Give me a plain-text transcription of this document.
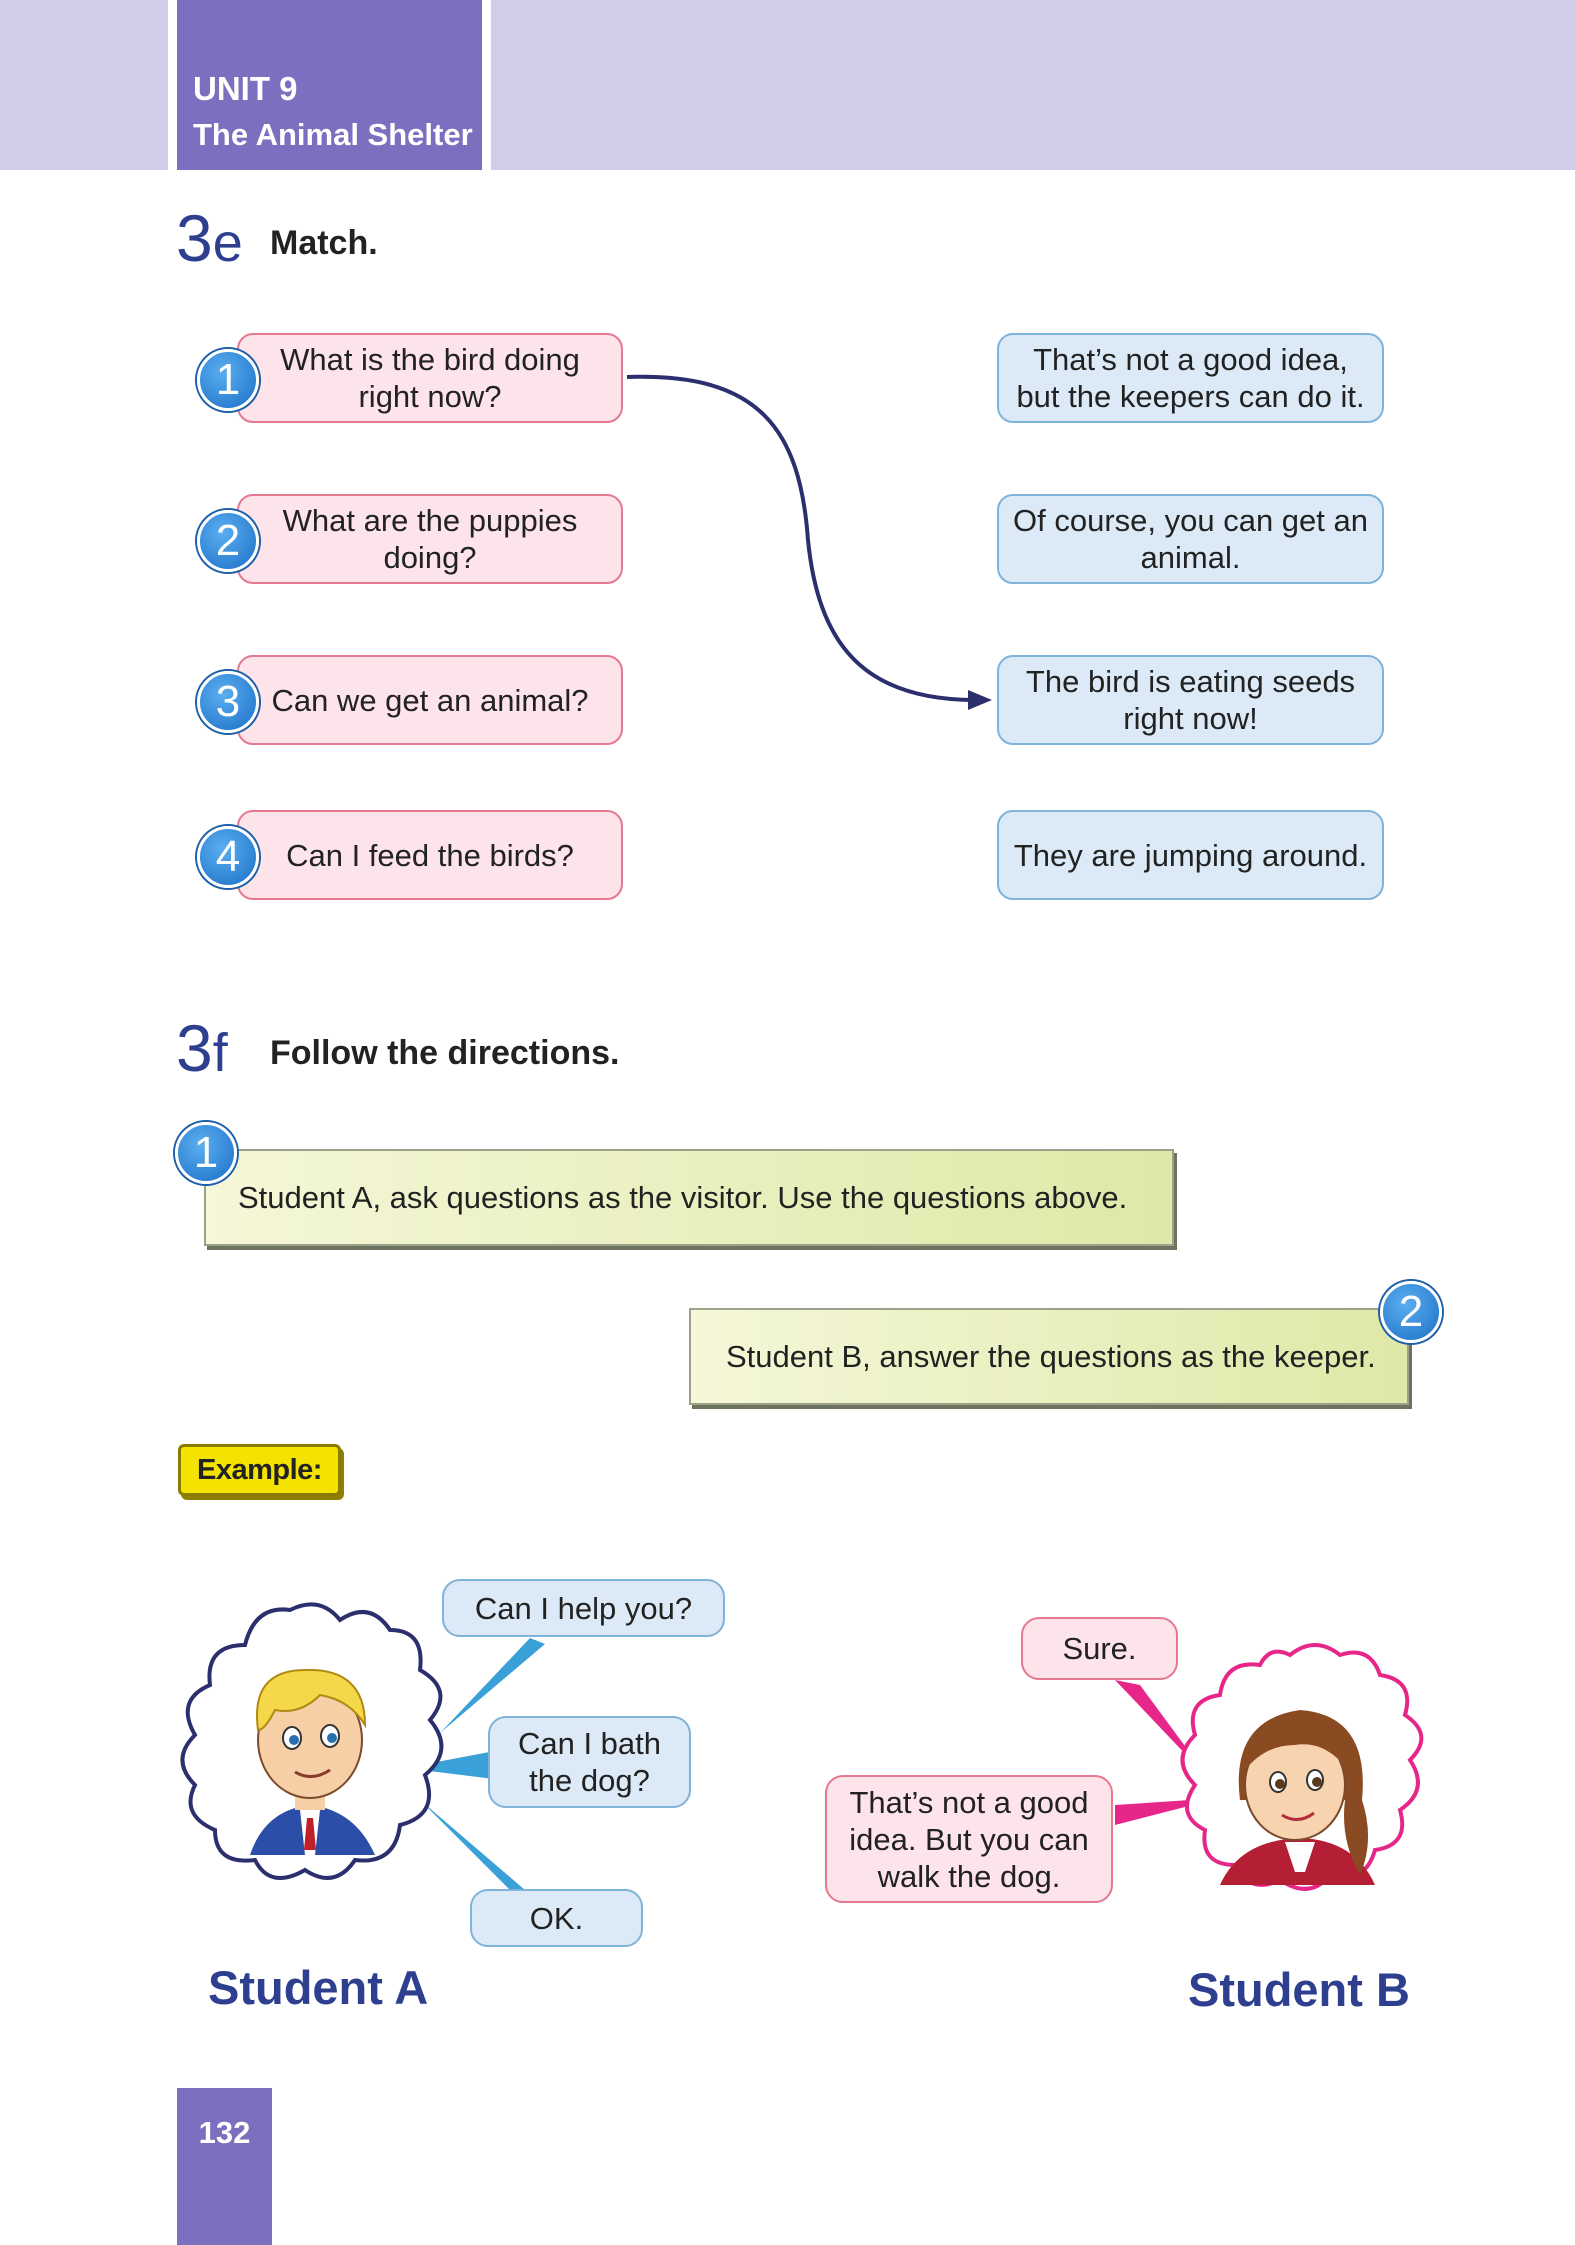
UNIT 9
The Animal Shelter
3e Match.
What is the bird doing right now?
What are the puppies doing?
Can we get an animal?
Can I feed the birds?
1
2
3
4
That’s not a good idea, but the keepers can do it.
Of course, you can get an animal.
The bird is eating seeds right now!
They are jumping around.
3f Follow the directions.
Student A, ask questions as the visitor. Use the questions above.
1
Student B, answer the questions as the keeper.
2
Example:
Can I help you?
Can I bath the dog?
OK.
Student A
Sure.
That’s not a good idea. But you can walk the dog.
Student B
132
